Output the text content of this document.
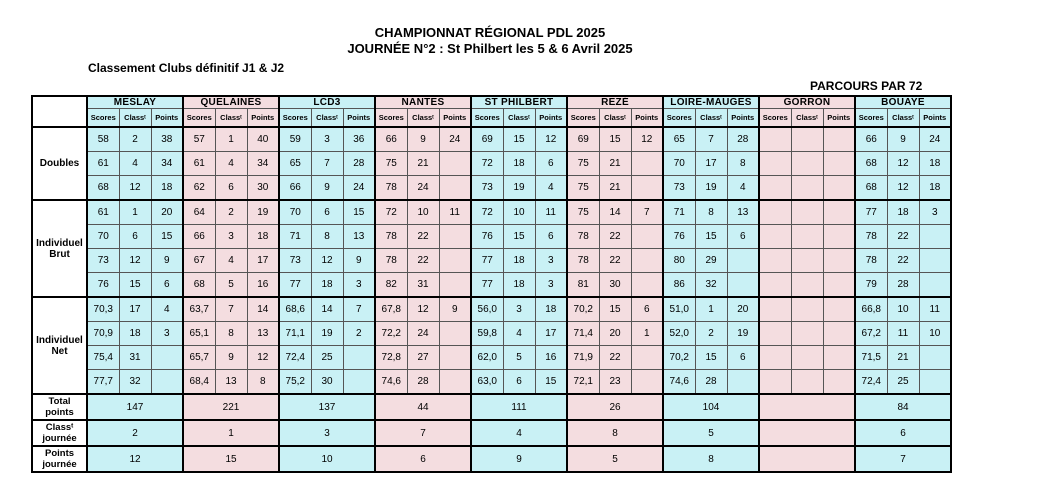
CHAMPIONNAT RÉGIONAL PDL 2025
JOURNÉE N°2 : St Philbert les 5 & 6 Avril 2025
Classement Clubs définitif J1 & J2
PARCOURS PAR 72
	MESLAY			QUELAINES			LCD3			NANTES			ST PHILBERT			REZÉ			LOIRE-MAUGES			GORRON			BOUAYE		
	Scores	Classᵗ	Points	Scores	Classᵗ	Points	Scores	Classᵗ	Points	Scores	Classᵗ	Points	Scores	Classᵗ	Points	Scores	Classᵗ	Points	Scores	Classᵗ	Points	Scores	Classᵗ	Points	Scores	Classᵗ	Points
Doubles	58	2	38	57	1	40	59	3	36	66	9	24	69	15	12	69	15	12	65	7	28				66	9	24
	61	4	34	61	4	34	65	7	28	75	21		72	18	6	75	21		70	17	8				68	12	18
	68	12	18	62	6	30	66	9	24	78	24		73	19	4	75	21		73	19	4				68	12	18
Individuel
Brut	61	1	20	64	2	19	70	6	15	72	10	11	72	10	11	75	14	7	71	8	13				77	18	3
	70	6	15	66	3	18	71	8	13	78	22		76	15	6	78	22		76	15	6				78	22	
	73	12	9	67	4	17	73	12	9	78	22		77	18	3	78	22		80	29					78	22	
	76	15	6	68	5	16	77	18	3	82	31		77	18	3	81	30		86	32					79	28	
Individuel
Net	70,3	17	4	63,7	7	14	68,6	14	7	67,8	12	9	56,0	3	18	70,2	15	6	51,0	1	20				66,8	10	11
	70,9	18	3	65,1	8	13	71,1	19	2	72,2	24		59,8	4	17	71,4	20	1	52,0	2	19				67,2	11	10
	75,4	31		65,7	9	12	72,4	25		72,8	27		62,0	5	16	71,9	22		70,2	15	6				71,5	21	
	77,7	32		68,4	13	8	75,2	30		74,6	28		63,0	6	15	72,1	23		74,6	28					72,4	25	
Total
points	147			221			137			44			111			26			104						84		
Classᵗ
journée	2			1			3			7			4			8			5						6		
Points
journée	12			15			10			6			9			5			8						7		
